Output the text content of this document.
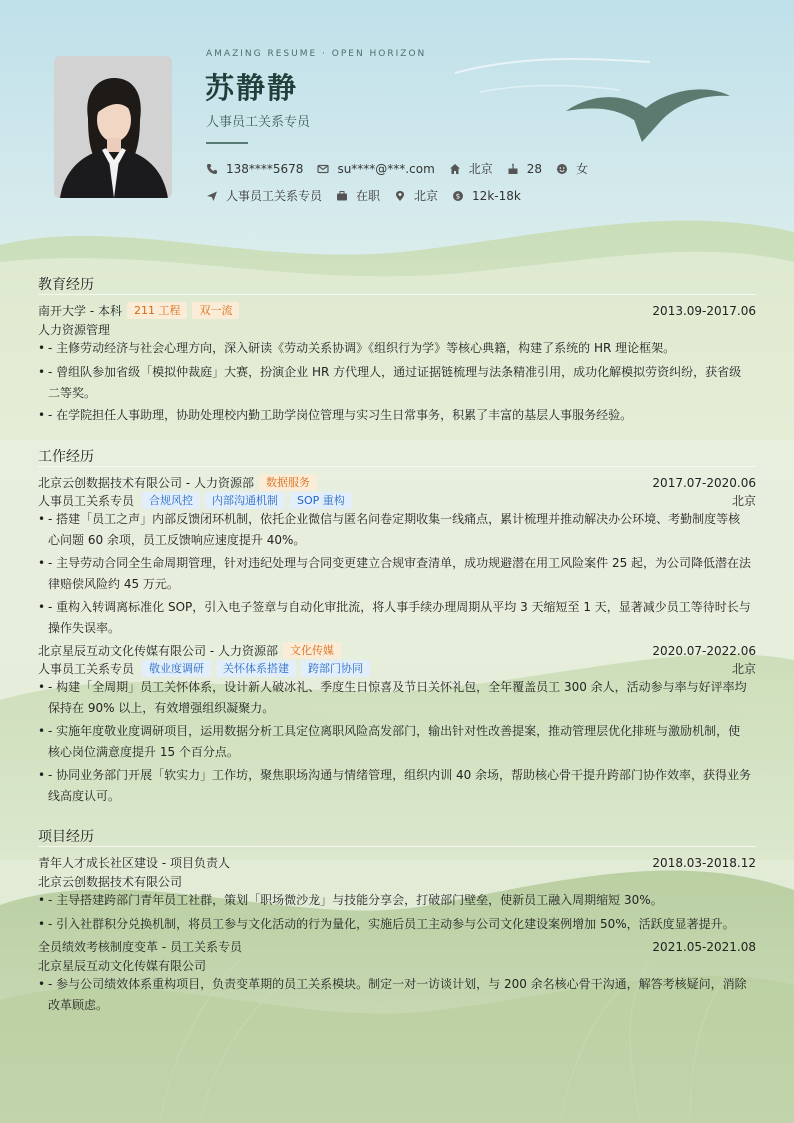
AMAZING RESUME · OPEN HORIZON
苏静静
人事员工关系专员
138****5678	su****@***.com	北京	28	女
人事员工关系专员	在职	北京	$ 12k-18k
教育经历
南开大学 - 本科	211 工程	双一流	2013.09-2017.06
人力资源管理
• - 主修劳动经济与社会心理方向，深入研读《劳动关系协调》《组织行为学》等核心典籍，构建了系统的 HR 理论框架。
• - 曾组队参加省级「模拟仲裁庭」大赛，扮演企业 HR 方代理人，通过证据链梳理与法条精准引用，成功化解模拟劳资纠纷，获省级二等奖。
• - 在学院担任人事助理，协助处理校内勤工助学岗位管理与实习生日常事务，积累了丰富的基层人事服务经验。
工作经历
北京云创数据技术有限公司 - 人力资源部	数据服务	2017.07-2020.06
人事员工关系专员	合规风控	内部沟通机制	SOP 重构	北京
• - 搭建「员工之声」内部反馈闭环机制，依托企业微信与匿名问卷定期收集一线痛点，累计梳理并推动解决办公环境、考勤制度等核心问题 60 余项，员工反馈响应速度提升 40%。
• - 主导劳动合同全生命周期管理，针对违纪处理与合同变更建立合规审查清单，成功规避潜在用工风险案件 25 起，为公司降低潜在法律赔偿风险约 45 万元。
• - 重构入转调离标准化 SOP，引入电子签章与自动化审批流，将人事手续办理周期从平均 3 天缩短至 1 天，显著减少员工等待时长与操作失误率。
北京星辰互动文化传媒有限公司 - 人力资源部	文化传媒	2020.07-2022.06
人事员工关系专员	敬业度调研	关怀体系搭建	跨部门协同	北京
• - 构建「全周期」员工关怀体系，设计新人破冰礼、季度生日惊喜及节日关怀礼包，全年覆盖员工 300 余人，活动参与率与好评率均保持在 90% 以上，有效增强组织凝聚力。
• - 实施年度敬业度调研项目，运用数据分析工具定位离职风险高发部门，输出针对性改善提案，推动管理层优化排班与激励机制，使核心岗位满意度提升 15 个百分点。
• - 协同业务部门开展「软实力」工作坊，聚焦职场沟通与情绪管理，组织内训 40 余场，帮助核心骨干提升跨部门协作效率，获得业务线高度认可。
项目经历
青年人才成长社区建设 - 项目负责人	2018.03-2018.12
北京云创数据技术有限公司
• - 主导搭建跨部门青年员工社群，策划「职场微沙龙」与技能分享会，打破部门壁垒，使新员工融入周期缩短 30%。
• - 引入社群积分兑换机制，将员工参与文化活动的行为量化，实施后员工主动参与公司文化建设案例增加 50%，活跃度显著提升。
全员绩效考核制度变革 - 员工关系专员	2021.05-2021.08
北京星辰互动文化传媒有限公司
• - 参与公司绩效体系重构项目，负责变革期的员工关系模块。制定一对一访谈计划，与 200 余名核心骨干沟通，解答考核疑问，消除改革顾虑。
